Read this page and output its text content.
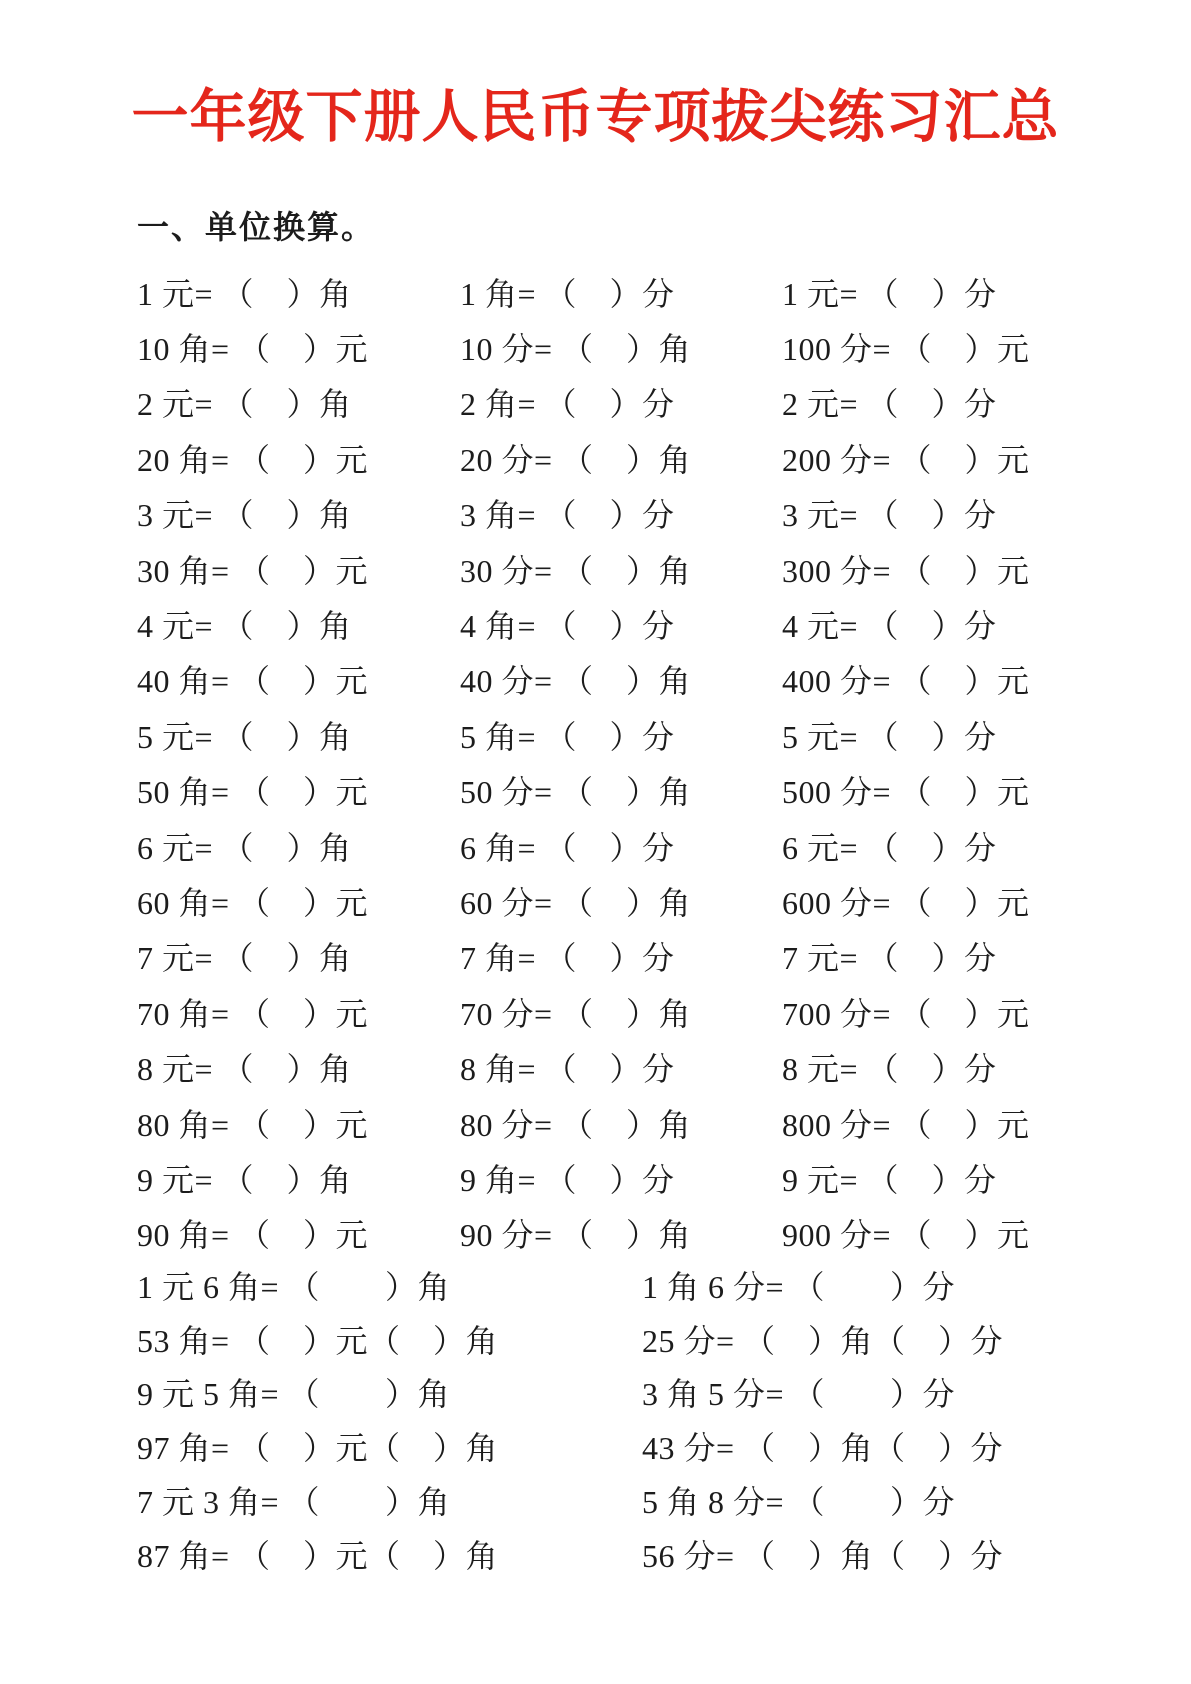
一年级下册人民币专项拔尖练习汇总
一、单位换算。
1 元= （　）角	1 角= （　）分	1 元= （　）分
10 角= （　）元	10 分= （　）角	100 分= （　）元
2 元= （　）角	2 角= （　）分	2 元= （　）分
20 角= （　）元	20 分= （　）角	200 分= （　）元
3 元= （　）角	3 角= （　）分	3 元= （　）分
30 角= （　）元	30 分= （　）角	300 分= （　）元
4 元= （　）角	4 角= （　）分	4 元= （　）分
40 角= （　）元	40 分= （　）角	400 分= （　）元
5 元= （　）角	5 角= （　）分	5 元= （　）分
50 角= （　）元	50 分= （　）角	500 分= （　）元
6 元= （　）角	6 角= （　）分	6 元= （　）分
60 角= （　）元	60 分= （　）角	600 分= （　）元
7 元= （　）角	7 角= （　）分	7 元= （　）分
70 角= （　）元	70 分= （　）角	700 分= （　）元
8 元= （　）角	8 角= （　）分	8 元= （　）分
80 角= （　）元	80 分= （　）角	800 分= （　）元
9 元= （　）角	9 角= （　）分	9 元= （　）分
90 角= （　）元	90 分= （　）角	900 分= （　）元
1 元 6 角= （　　）角	1 角 6 分= （　　）分
53 角= （　）元（　）角	25 分= （　）角（　）分
9 元 5 角= （　　）角	3 角 5 分= （　　）分
97 角= （　）元（　）角	43 分= （　）角（　）分
7 元 3 角= （　　）角	5 角 8 分= （　　）分
87 角= （　）元（　）角	56 分= （　）角（　）分
